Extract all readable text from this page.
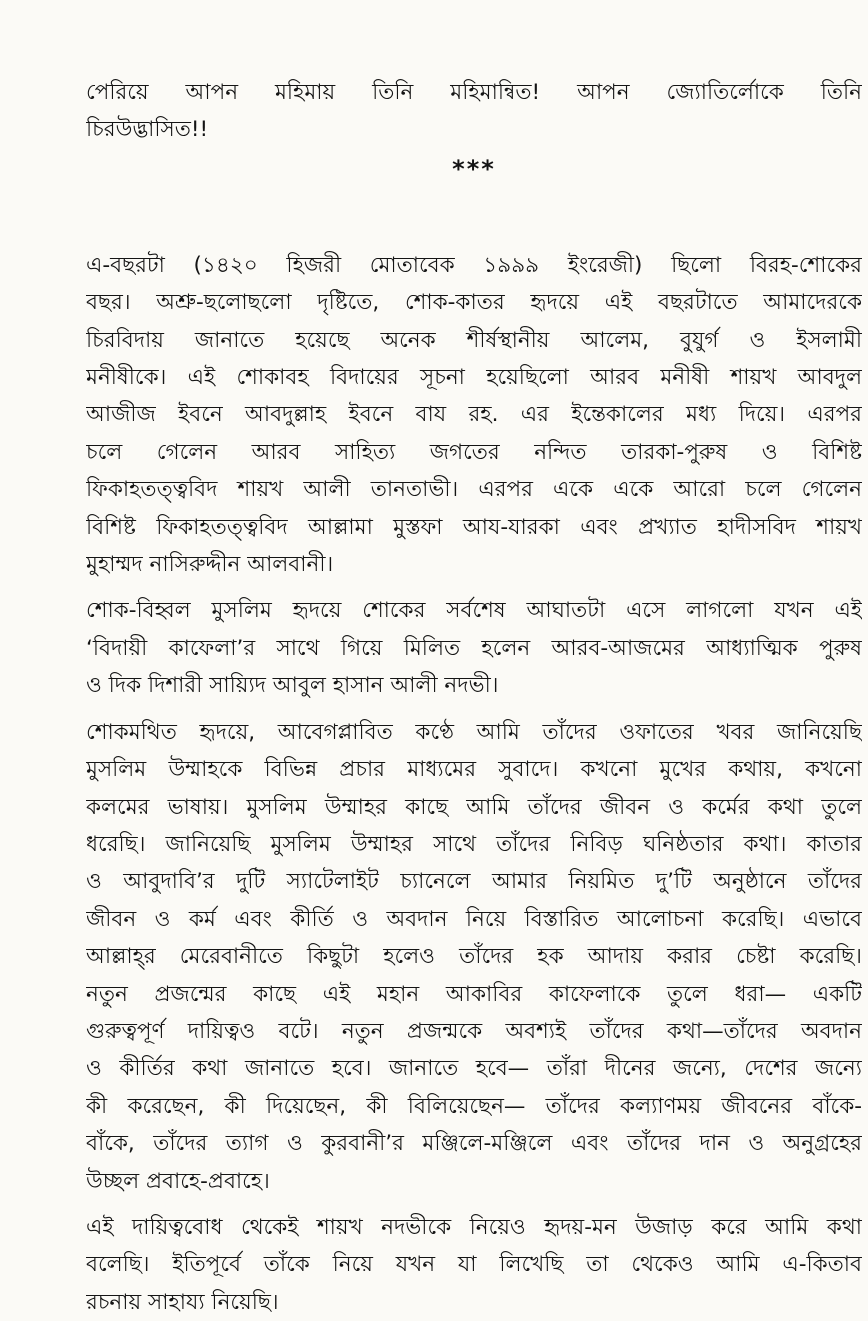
পেরিয়ে আপন মহিমায় তিনি মহিমান্বিত! আপন জ্যোতির্লোকে তিনি
চিরউদ্ভাসিত!!
***
এ-বছরটা (১৪২০ হিজরী মোতাবেক ১৯৯৯ ইংরেজী) ছিলো বিরহ-শোকের
বছর। অশ্রু-ছলোছলো দৃষ্টিতে, শোক-কাতর হৃদয়ে এই বছরটাতে আমাদেরকে
চিরবিদায় জানাতে হয়েছে অনেক শীর্ষস্থানীয় আলেম, বুযুর্গ ও ইসলামী
মনীষীকে। এই শোকাবহ বিদায়ের সূচনা হয়েছিলো আরব মনীষী শায়খ আবদুল
আজীজ ইবনে আবদুল্লাহ ইবনে বায রহ. এর ইন্তেকালের মধ্য দিয়ে। এরপর
চলে গেলেন আরব সাহিত্য জগতের নন্দিত তারকা-পুরুষ ও বিশিষ্ট
ফিকাহতত্ত্ববিদ শায়খ আলী তানতাভী। এরপর একে একে আরো চলে গেলেন
বিশিষ্ট ফিকাহতত্ত্ববিদ আল্লামা মুস্তফা আয-যারকা এবং প্রখ্যাত হাদীসবিদ শায়খ
মুহাম্মদ নাসিরুদ্দীন আলবানী।
শোক-বিহ্বল মুসলিম হৃদয়ে শোকের সর্বশেষ আঘাতটা এসে লাগলো যখন এই
‘বিদায়ী কাফেলা’র সাথে গিয়ে মিলিত হলেন আরব-আজমের আধ্যাত্মিক পুরুষ
ও দিক দিশারী সায়্যিদ আবুল হাসান আলী নদভী।
শোকমথিত হৃদয়ে, আবেগপ্লাবিত কণ্ঠে আমি তাঁদের ওফাতের খবর জানিয়েছি
মুসলিম উম্মাহকে বিভিন্ন প্রচার মাধ্যমের সুবাদে। কখনো মুখের কথায়, কখনো
কলমের ভাষায়। মুসলিম উম্মাহর কাছে আমি তাঁদের জীবন ও কর্মের কথা তুলে
ধরেছি। জানিয়েছি মুসলিম উম্মাহর সাথে তাঁদের নিবিড় ঘনিষ্ঠতার কথা। কাতার
ও আবুদাবি’র দুটি স্যাটেলাইট চ্যানেলে আমার নিয়মিত দু’টি অনুষ্ঠানে তাঁদের
জীবন ও কর্ম এবং কীর্তি ও অবদান নিয়ে বিস্তারিত আলোচনা করেছি। এভাবে
আল্লাহ্‌র মেরেবানীতে কিছুটা হলেও তাঁদের হক আদায় করার চেষ্টা করেছি।
নতুন প্রজন্মের কাছে এই মহান আকাবির কাফেলাকে তুলে ধরা— একটি
গুরুত্বপূর্ণ দায়িত্বও বটে। নতুন প্রজন্মকে অবশ্যই তাঁদের কথা—তাঁদের অবদান
ও কীর্তির কথা জানাতে হবে। জানাতে হবে— তাঁরা দীনের জন্যে, দেশের জন্যে
কী করেছেন, কী দিয়েছেন, কী বিলিয়েছেন— তাঁদের কল্যাণময় জীবনের বাঁকে-
বাঁকে, তাঁদের ত্যাগ ও কুরবানী’র মঞ্জিলে-মঞ্জিলে এবং তাঁদের দান ও অনুগ্রহের
উচ্ছল প্রবাহে-প্রবাহে।
এই দায়িত্ববোধ থেকেই শায়খ নদভীকে নিয়েও হৃদয়-মন উজাড় করে আমি কথা
বলেছি। ইতিপূর্বে তাঁকে নিয়ে যখন যা লিখেছি তা থেকেও আমি এ-কিতাব
রচনায় সাহায্য নিয়েছি।
